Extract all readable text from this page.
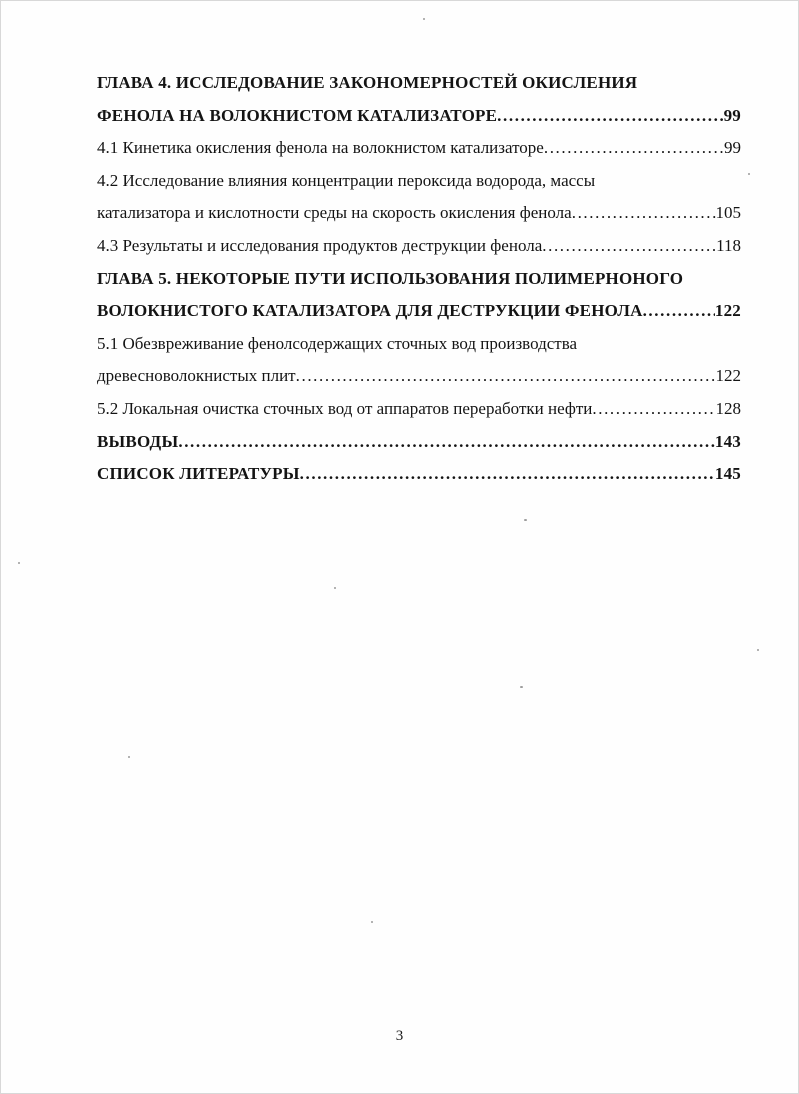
ГЛАВА 4. ИССЛЕДОВАНИЕ ЗАКОНОМЕРНОСТЕЙ ОКИСЛЕНИЯ
ФЕНОЛА НА ВОЛОКНИСТОМ КАТАЛИЗАТОРЕ .....	99
4.1 Кинетика окисления фенола на волокнистом катализаторе .....	99
4.2 Исследование влияния концентрации пероксида водорода, массы
катализатора и кислотности среды на скорость окисления фенола .....	105
4.3 Результаты и исследования продуктов деструкции фенола .....	118
ГЛАВА 5. НЕКОТОРЫЕ ПУТИ ИСПОЛЬЗОВАНИЯ ПОЛИМЕРНОНОГО
ВОЛОКНИСТОГО КАТАЛИЗАТОРА ДЛЯ ДЕСТРУКЦИИ ФЕНОЛА .....	122
5.1 Обезвреживание фенолсодержащих сточных вод производства
древесноволокнистых плит .....	122
5.2 Локальная очистка сточных вод от аппаратов переработки нефти .....	128
ВЫВОДЫ .....	143
СПИСОК ЛИТЕРАТУРЫ .....	145
3
